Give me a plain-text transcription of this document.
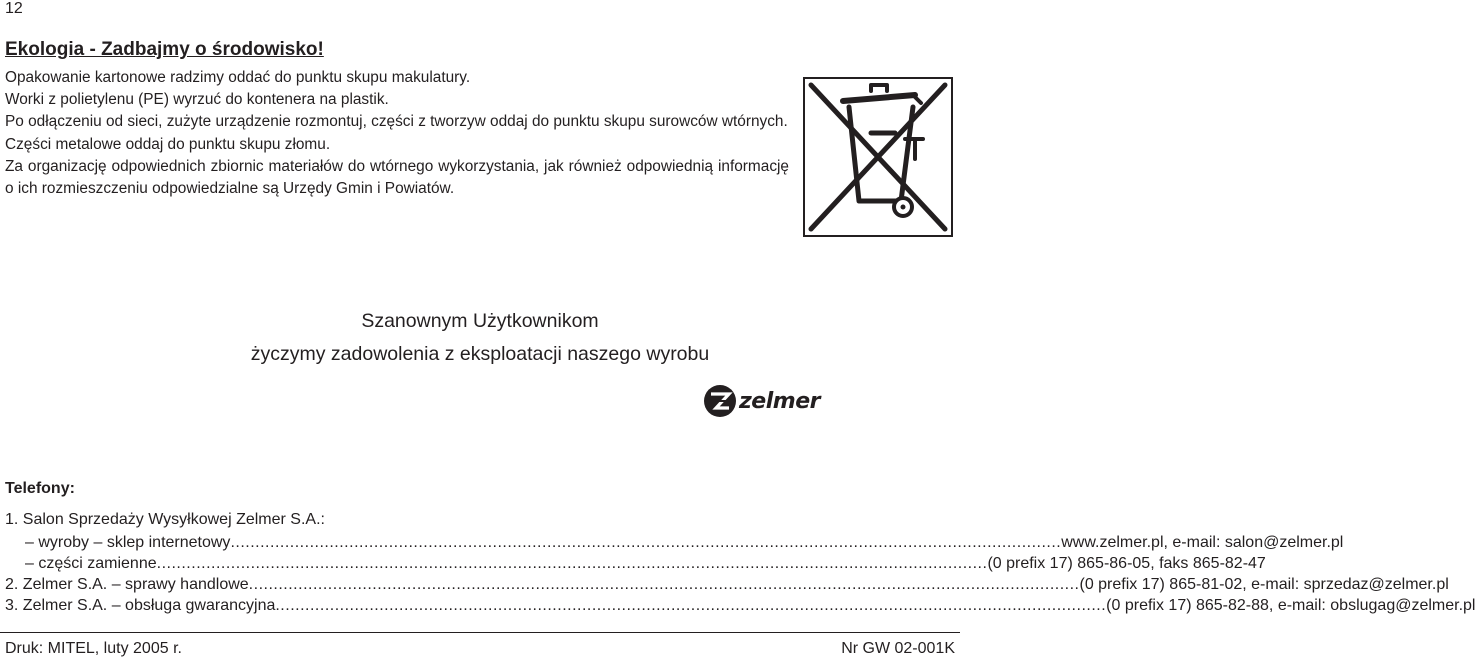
12
Ekologia - Zadbajmy o środowisko!

Opakowanie kartonowe radzimy oddać do punktu skupu makulatury.

Worki z polietylenu (PE) wyrzuć do kontenera na plastik.

Po odłączeniu od sieci, zużyte urządzenie rozmontuj, części z tworzyw oddaj do punktu skupu surowców wtórnych.

Części metalowe oddaj do punktu skupu złomu.

Za organizację odpowiednich zbiornic materiałów do wtórnego wykorzystania, jak również odpowiednią informację o ich rozmieszczeniu odpowiedzialne są Urzędy Gmin i Powiatów.

Szanownym Użytkownikom
życzymy zadowolenia z eksploatacji naszego wyrobu
zelmer
Telefony:
1. Salon Sprzedaży Wysyłkowej Zelmer S.A.:
– wyroby – sklep internetowy ........................................................................................................................................................................ www.zelmer.pl, e-mail: salon@zelmer.pl
– części zamienne ........................................................................................................................................................................ (0 prefix 17) 865-86-05, faks 865-82-47
2. Zelmer S.A. – sprawy handlowe ........................................................................................................................................................................ (0 prefix 17) 865-81-02, e-mail: sprzedaz@zelmer.pl
3. Zelmer S.A. – obsługa gwarancyjna ........................................................................................................................................................................ (0 prefix 17) 865-82-88, e-mail: obslugag@zelmer.pl
Druk: MITEL, luty 2005 r.	Nr GW 02-001K
